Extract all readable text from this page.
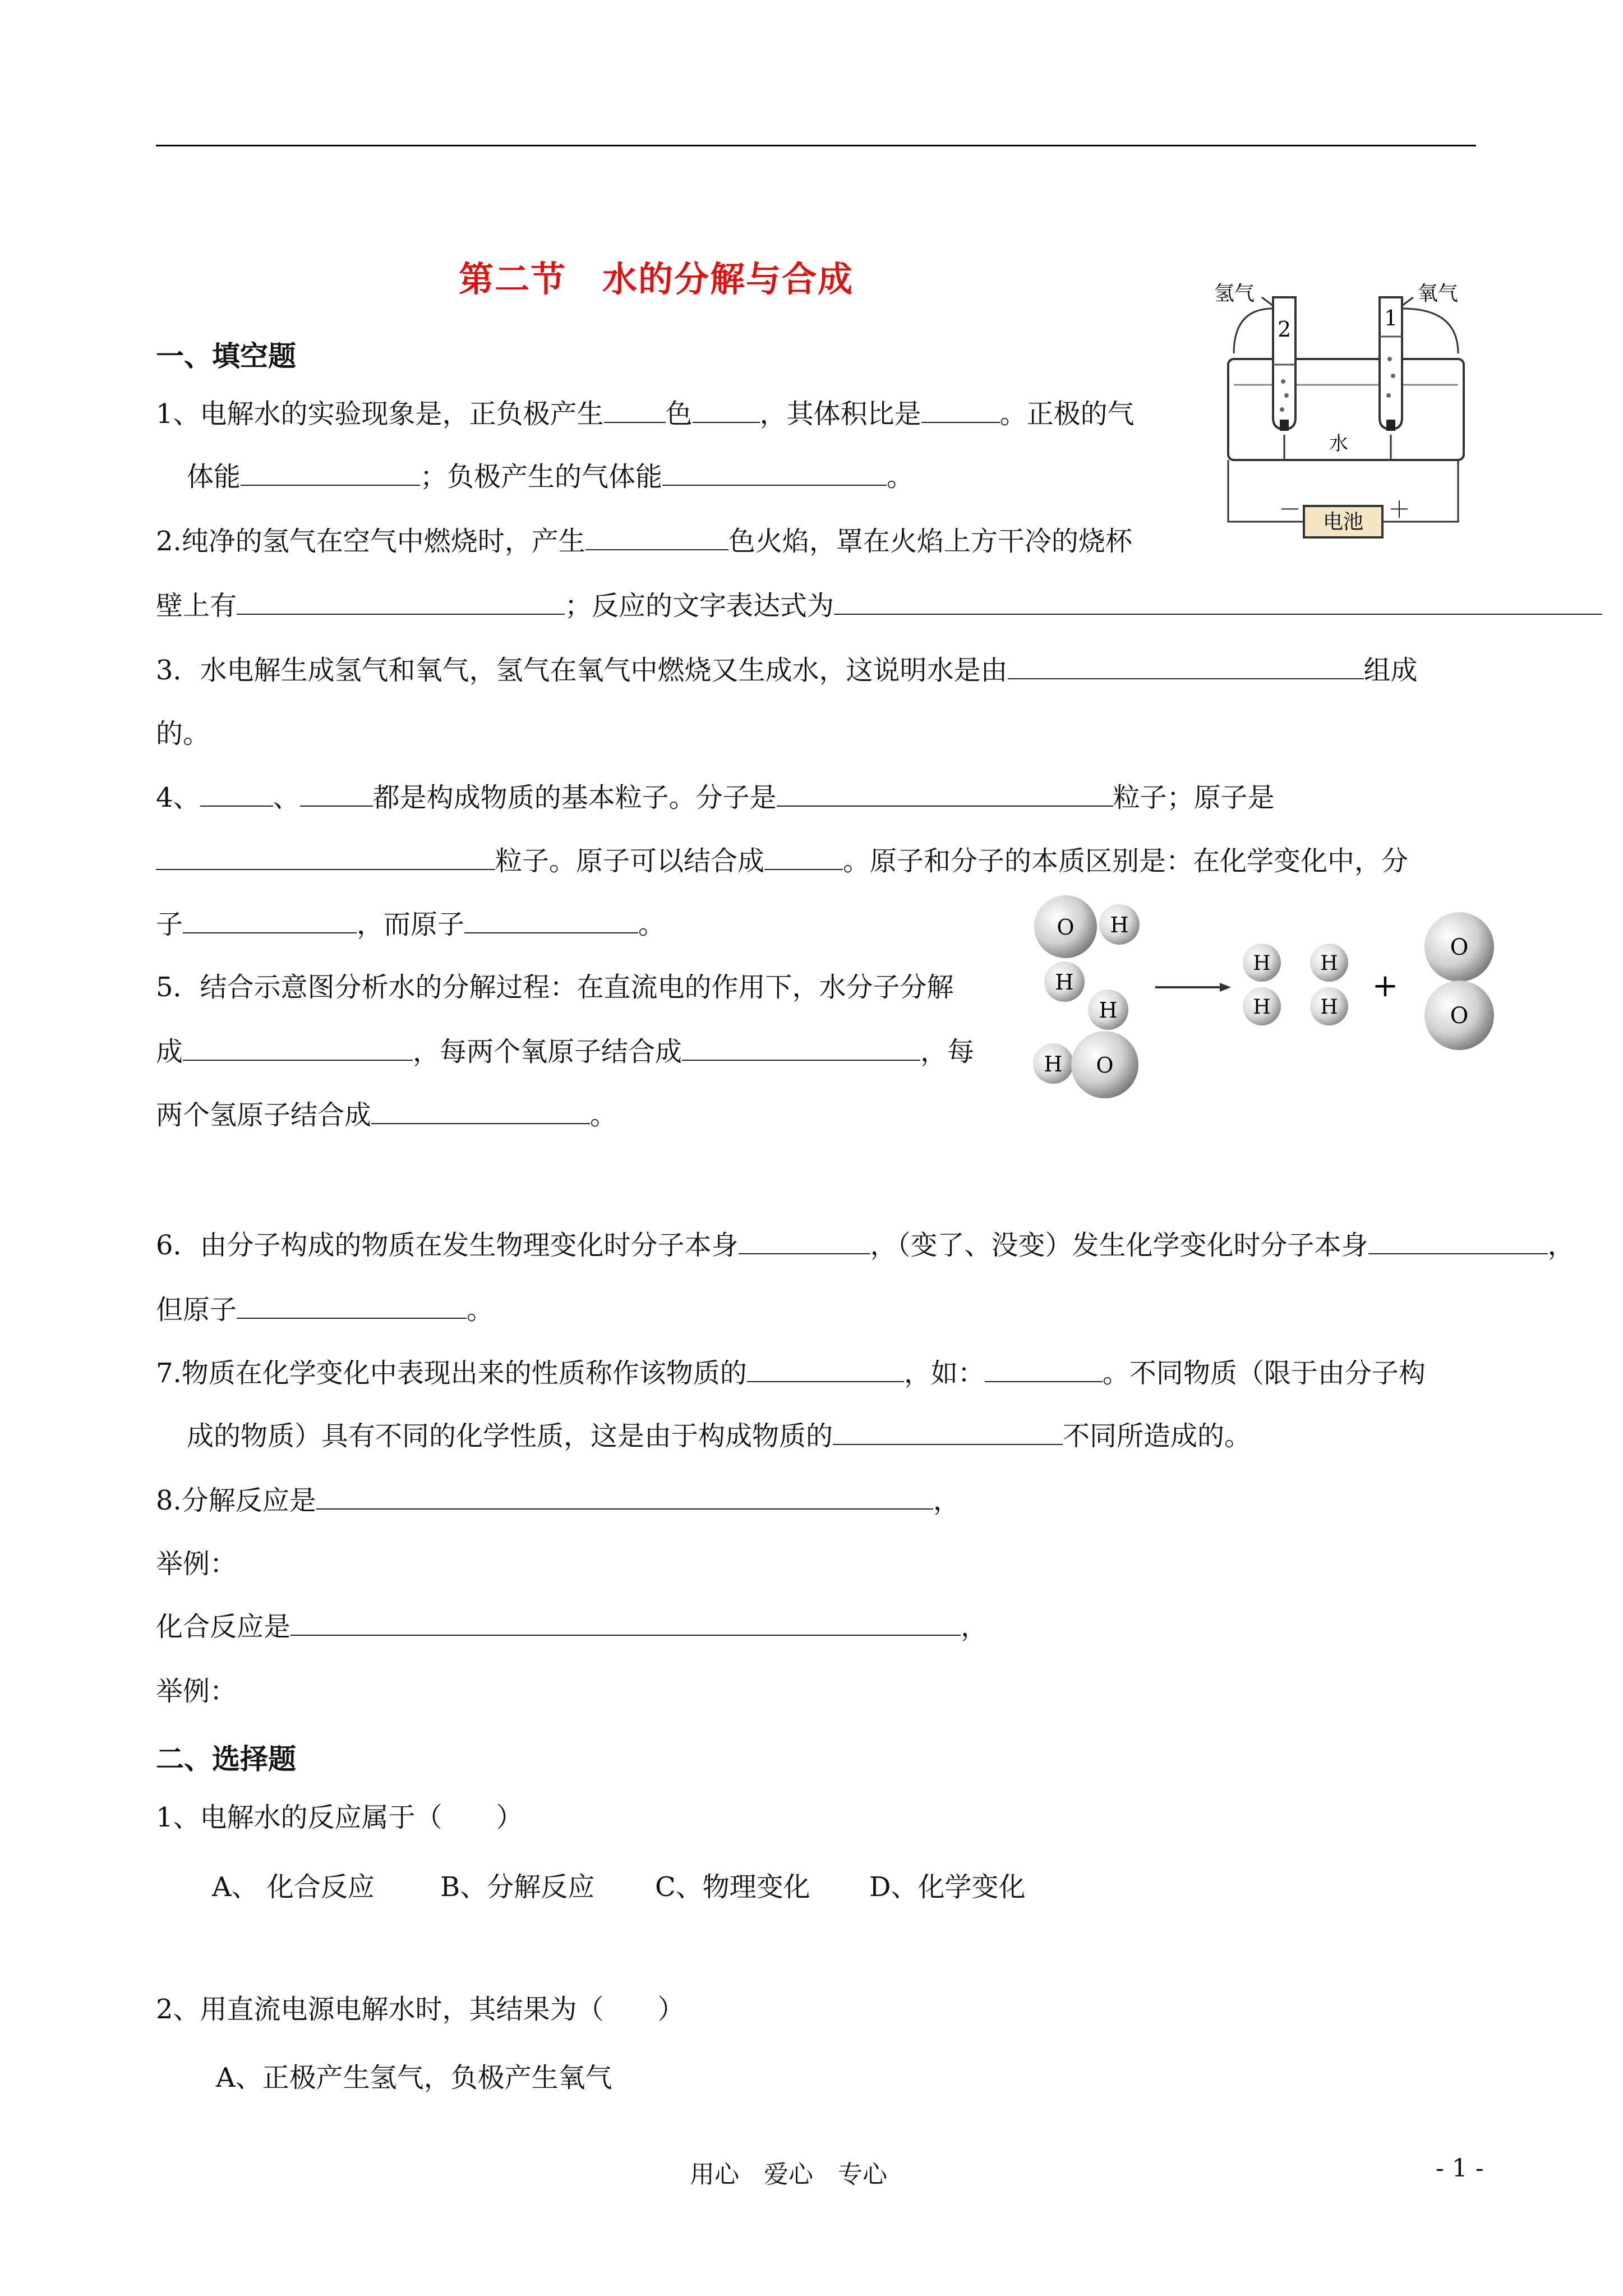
第二节　水的分解与合成
一、填空题
1、电解水的实验现象是，正负极产生 色	，其体积比是	。正极的气
体能	；负极产生的气体能	。
2.纯净的氢气在空气中燃烧时，产生	色火焰，罩在火焰上方干冷的烧杯
壁上有	；反应的文字表达式为
3．水电解生成氢气和氧气，氢气在氧气中燃烧又生成水，这说明水是由	组成
的。
4、	、	都是构成物质的基本粒子。分子是	粒子；原子是
粒子。原子可以结合成	。原子和分子的本质区别是：在化学变化中，分
子	，而原子	。
5．结合示意图分析水的分解过程：在直流电的作用下，水分子分解
成	，每两个氧原子结合成	，每
两个氢原子结合成	。
6．由分子构成的物质在发生物理变化时分子本身	，（变了、没变）发生化学变化时分子本身	，
但原子	。
7.物质在化学变化中表现出来的性质称作该物质的	，如：	。不同物质（限于由分子构
成的物质）具有不同的化学性质，这是由于构成物质的	不同所造成的。
8.分解反应是	，
举例：
化合反应是	，
举例：
二、选择题
1、电解水的反应属于（　　）
A、 化合反应 B、分解反应 C、物理变化 D、化学变化
2、用直流电源电解水时，其结果为（　　）
A、正极产生氢气，负极产生氧气
用心　爱心　专心	- 1 -
电池
－	＋
氢气	氧气
2	1
水
O H
H
H
H O
H
H
H
H
+
O
O
